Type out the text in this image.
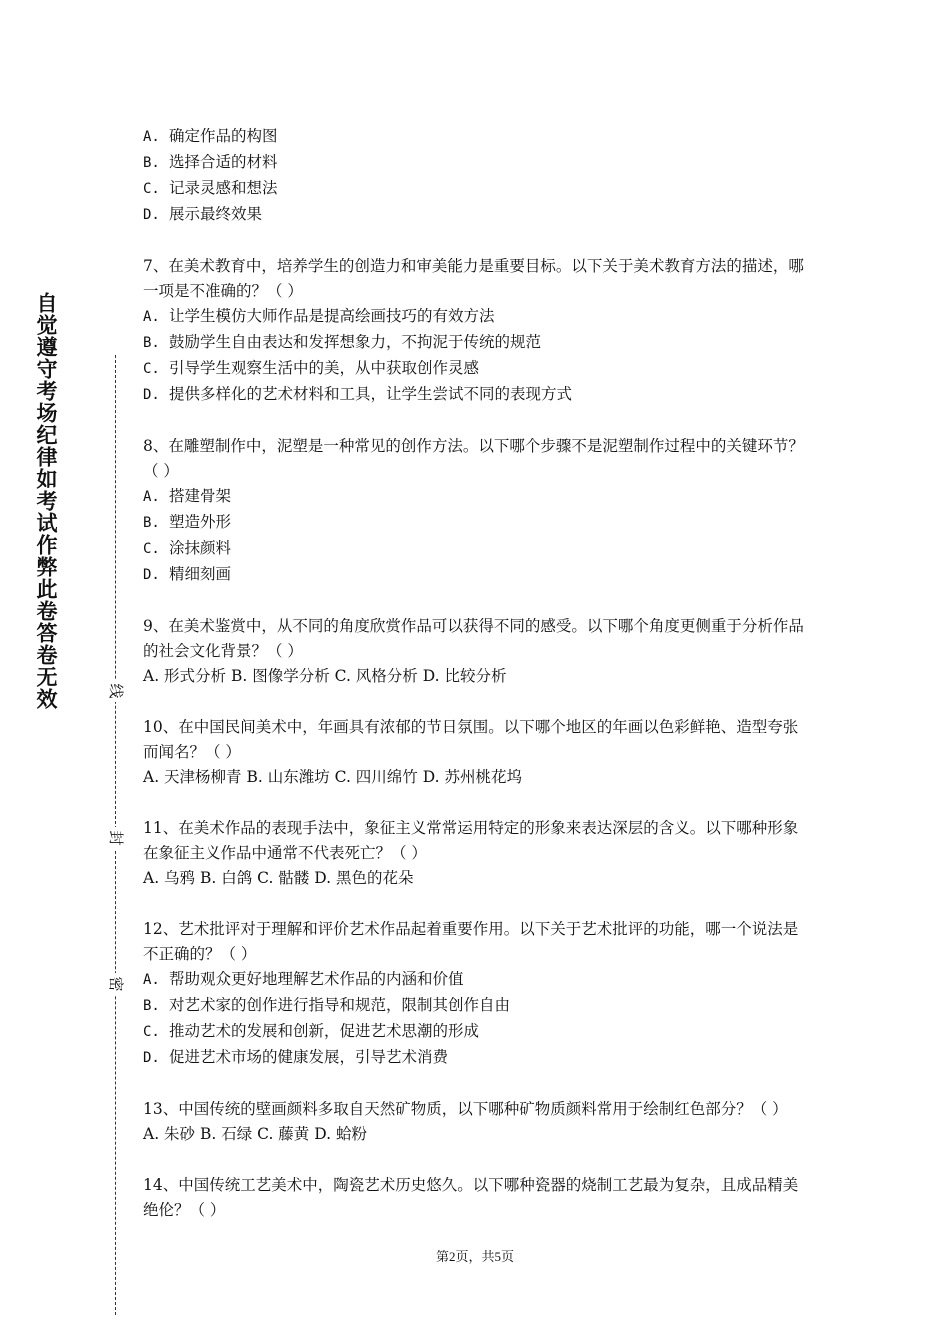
自觉遵守考场纪律如考试作弊此卷答卷无效	线
封
密
A. 确定作品的构图
B. 选择合适的材料
C. 记录灵感和想法
D. 展示最终效果
7、在美术教育中，培养学生的创造力和审美能力是重要目标。以下关于美术教育方法的描述，哪一项是不准确的？（ ）
A. 让学生模仿大师作品是提高绘画技巧的有效方法
B. 鼓励学生自由表达和发挥想象力，不拘泥于传统的规范
C. 引导学生观察生活中的美，从中获取创作灵感
D. 提供多样化的艺术材料和工具，让学生尝试不同的表现方式
8、在雕塑制作中，泥塑是一种常见的创作方法。以下哪个步骤不是泥塑制作过程中的关键环节？（ ）
A. 搭建骨架
B. 塑造外形
C. 涂抹颜料
D. 精细刻画
9、在美术鉴赏中，从不同的角度欣赏作品可以获得不同的感受。以下哪个角度更侧重于分析作品的社会文化背景？（ ）
A. 形式分析 B. 图像学分析 C. 风格分析 D. 比较分析
10、在中国民间美术中，年画具有浓郁的节日氛围。以下哪个地区的年画以色彩鲜艳、造型夸张而闻名？（ ）
A. 天津杨柳青 B. 山东潍坊 C. 四川绵竹 D. 苏州桃花坞
11、在美术作品的表现手法中，象征主义常常运用特定的形象来表达深层的含义。以下哪种形象在象征主义作品中通常不代表死亡？（ ）
A. 乌鸦 B. 白鸽 C. 骷髅 D. 黑色的花朵
12、艺术批评对于理解和评价艺术作品起着重要作用。以下关于艺术批评的功能，哪一个说法是不正确的？（ ）
A. 帮助观众更好地理解艺术作品的内涵和价值
B. 对艺术家的创作进行指导和规范，限制其创作自由
C. 推动艺术的发展和创新，促进艺术思潮的形成
D. 促进艺术市场的健康发展，引导艺术消费
13、中国传统的壁画颜料多取自天然矿物质，以下哪种矿物质颜料常用于绘制红色部分？（ ）
A. 朱砂 B. 石绿 C. 藤黄 D. 蛤粉
14、中国传统工艺美术中，陶瓷艺术历史悠久。以下哪种瓷器的烧制工艺最为复杂，且成品精美绝伦？（ ）
第2页，共5页
